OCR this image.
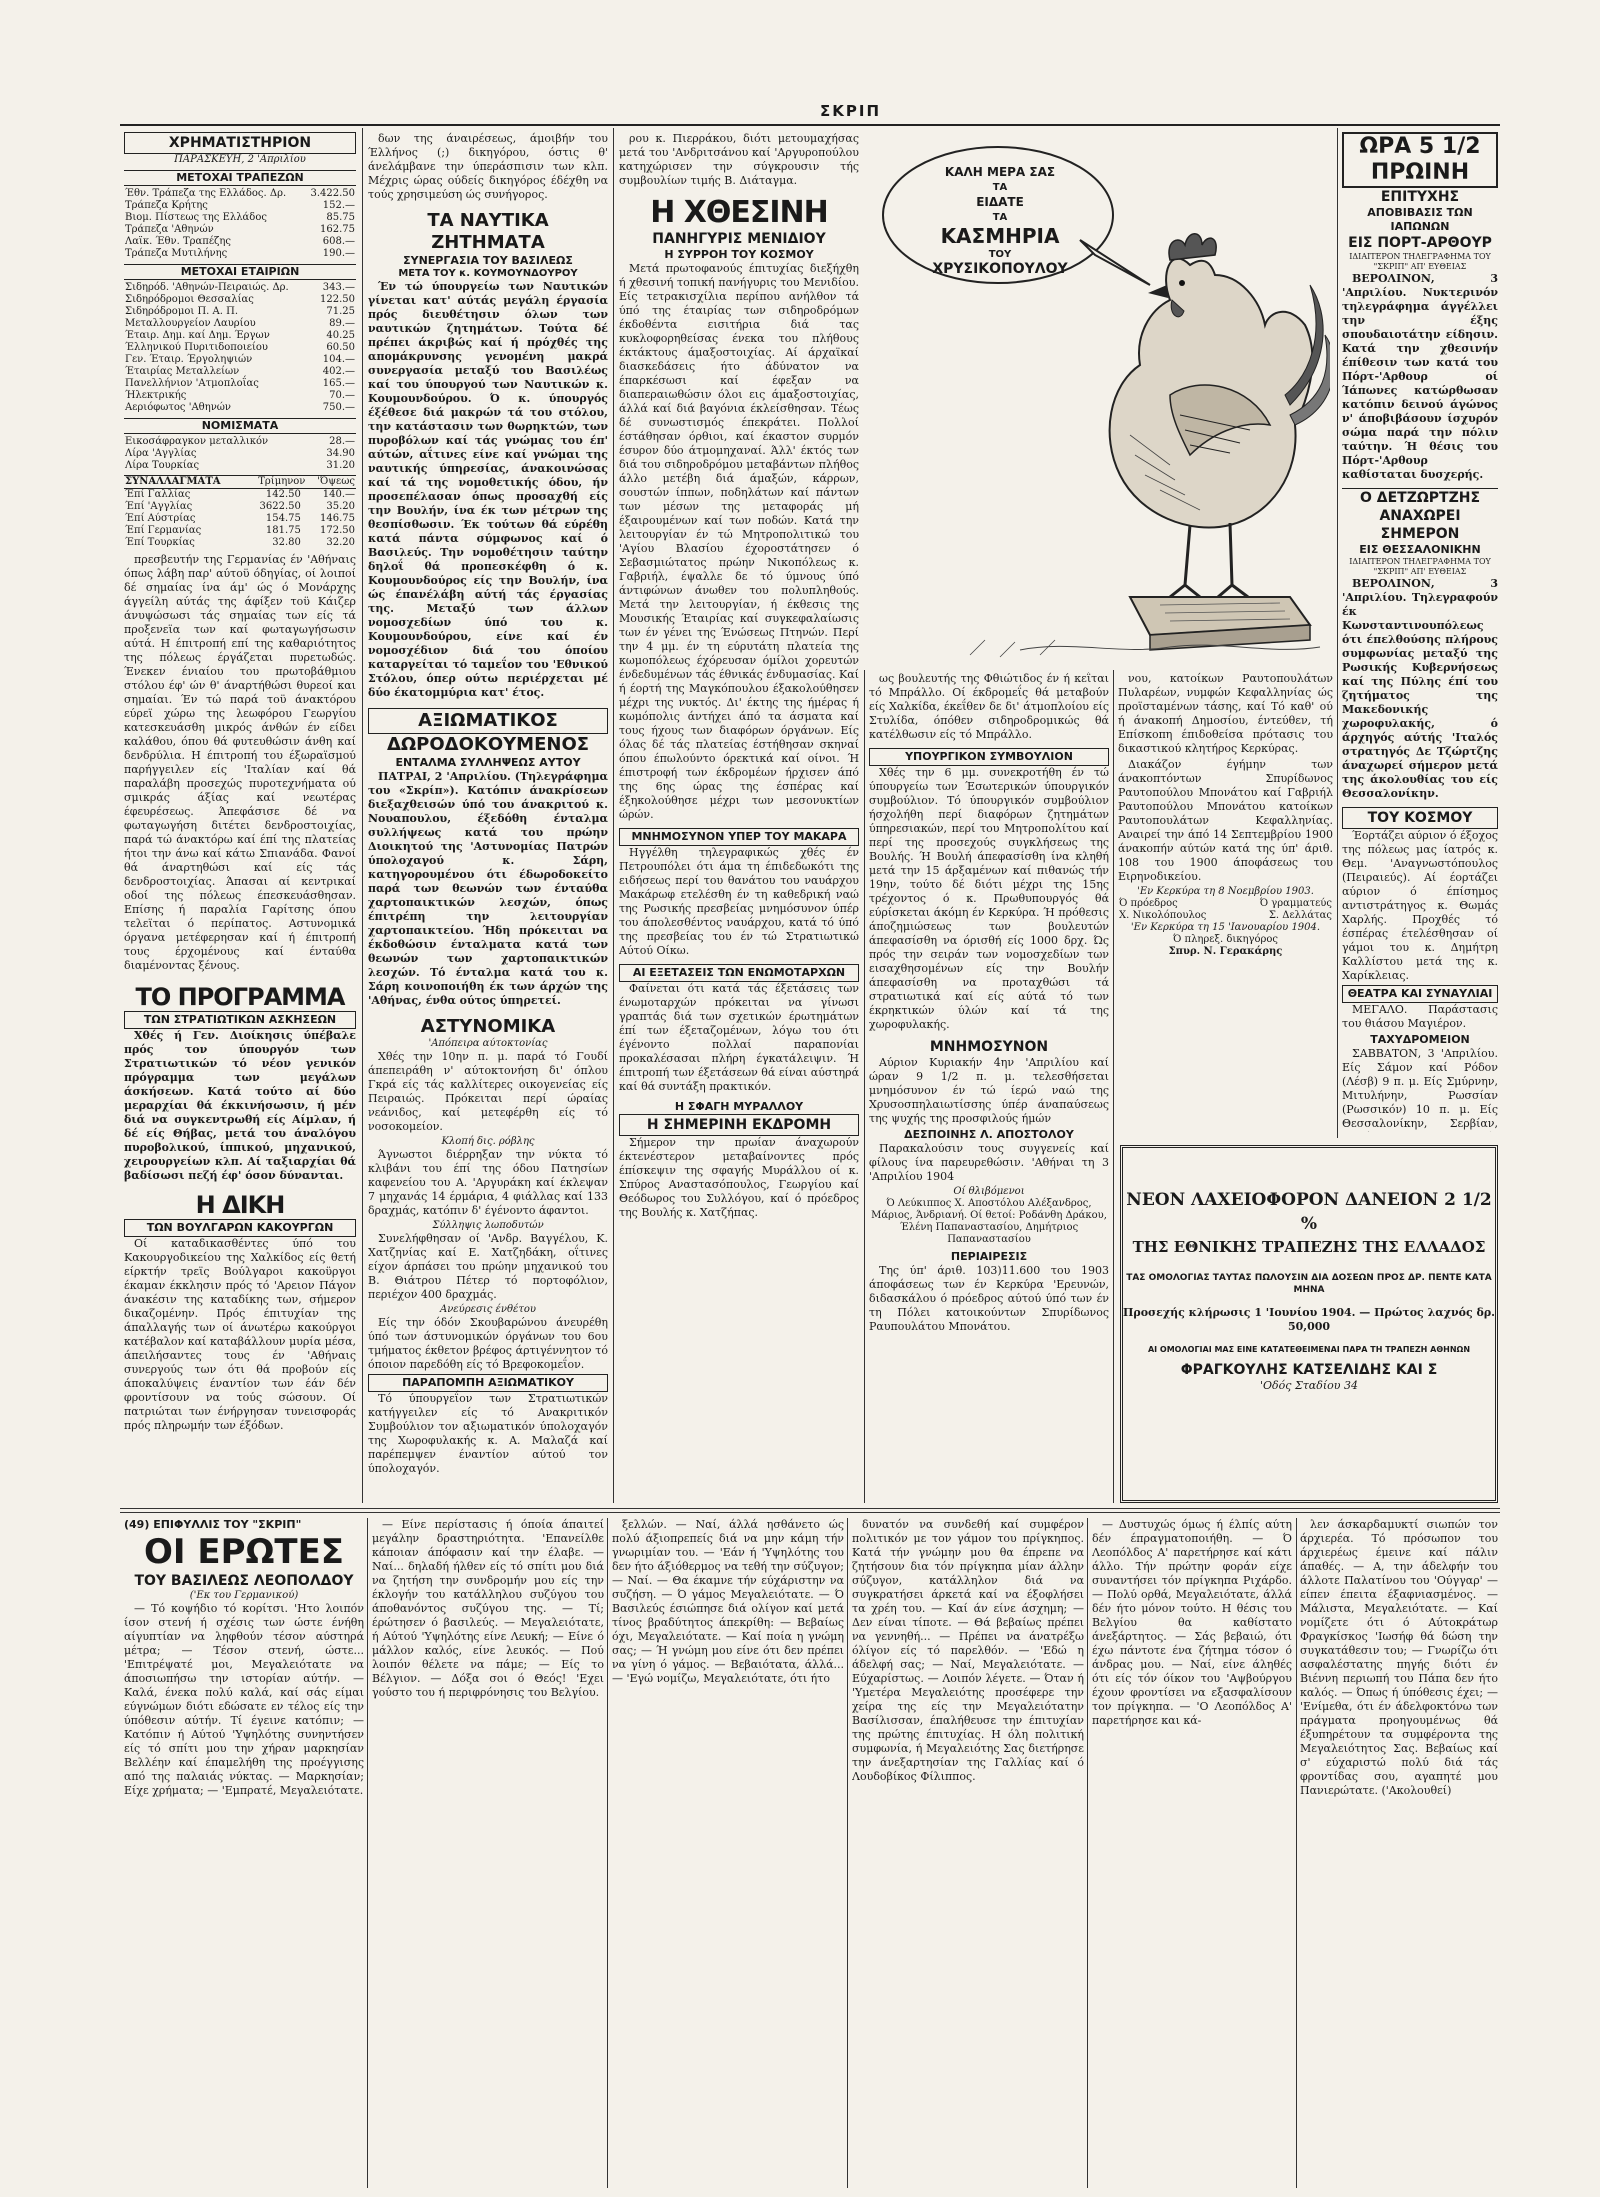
ΣΚΡΙΠ
ΧΡΗΜΑΤΙΣΤΗΡΙΟΝ
ΠΑΡΑΣΚΕΥΗ, 2 'Απριλίου
ΜΕΤΟΧΑΙ ΤΡΑΠΕΖΩΝ
Έθν. Τράπεζα της Ελλάδος. Δρ.	3.422.50
Τράπεζα Κρήτης	152.—
Βιομ. Πίστεως της Ελλάδος	85.75
Τράπεζα 'Αθηνών	162.75
Λαϊκ. Έθν. Τραπέζης	608.—
Τράπεζα Μυτιλήνης	190.—
ΜΕΤΟΧΑΙ ΕΤΑΙΡΙΩΝ
Σιδηρόδ. 'Αθηνών-Πειραιώς. Δρ.	343.—
Σιδηρόδρομοι Θεσσαλίας	122.50
Σιδηρόδρομοι Π. Α. Π.	71.25
Μεταλλουργείον Λαυρίου	89.—
Έταιρ. Δημ. καί Δημ. Έργων	40.25
Έλληνικού Πυριτιδοποιείου	60.50
Γεν. Έταιρ. Έργοληψιών	104.—
Έταιρίας Μεταλλείων	402.—
Πανελλήνιον 'Ατμοπλοΐας	165.—
Ήλεκτρικής	70.—
Αεριόφωτος 'Αθηνών	750.—
ΝΟΜΙΣΜΑΤΑ
Εικοσάφραγκον μεταλλικόν	28.—
Λίρα 'Αγγλίας	34.90
Λίρα Τουρκίας	31.20
ΣΥΝΑΛΛΑΓΜΑΤΑ	Τρίμηνον	'Όψεως
Έπί Γαλλίας	142.50	140.—
Έπί 'Αγγλίας	3622.50	35.20
Έπί Αύστρίας	154.75	146.75
Έπί Γερμανίας	181.75	172.50
Έπί Τουρκίας	32.80	32.20

πρεσβευτήν της Γερμανίας έν 'Αθήναις όπως λάβη παρ' αύτοϋ όδηγίας, οί λοιποί δέ σημαίας ίνα άμ' ώς ό Μονάρχης άγγείλη αύτάς της άφίξεν τοϋ Κάιζερ άνυψώσωσι τάς σημαίας των είς τά προξενεϊα των καί φωταγωγήσωσιν αύτά. Η έπιτροπή επί της καθαριότητος της πόλεως έργάζεται πυρετωδώς. Ένεκεν ένιαίου του πρωτοβάθμιου στόλου έφ' ών θ' άναρτήθώσι θυρεοί και σημαίαι. Έν τώ παρά τοϋ άνακτόρου εύρεϊ χώρω της λεωφόρου Γεωργίου κατεσκευάσθη μικρός άνθών έν είδει καλάθου, όπου θά φυτευθώσιν άνθη καί δενδρύλια. Η έπιτροπή του έξωραϊσμού παρήγγειλεν είς 'Ιταλίαν καί θά παραλάβη προσεχώς πυροτεχνήματα ού σμικράς άξίας καί νεωτέρας έφευρέσεως. Άπεφάσισε δέ να φωταγωγήση διτέτει δενδροστοιχίας, παρά τώ άνακτόρω καί έπί της πλατείας ήτοι την άνω καί κάτω Σπιανάδα. Φανοί θά άναρτηθώσι καί είς τάς δενδροστοιχίας. Άπασαι αί κεντρικαί οδοί της πόλεως έπεσκευάσθησαν. Επίσης ή παραλία Γαρίτσης όπου τελεϊται ό περίπατος. Αστυνομικά όργανα μετέφερησαν καί ή έπιτροπή τους έρχομένους καί ένταύθα διαμένοντας ξένους.

ΤΟ ΠΡΟΓΡΑΜΜΑ
ΤΩΝ ΣΤΡΑΤΙΩΤΙΚΩΝ ΑΣΚΗΣΕΩΝ

Χθές ή Γεν. Διοίκησις ύπέβαλε πρός τον ύπουργόν των Στρατιωτικών τό νέον γενικόν πρόγραμμα των μεγάλων άσκήσεων. Κατά τούτο αί δύο μεραρχίαι θά έκκινήσωσιν, ή μέν διά να συγκεντρωθή είς Αίμλαν, ή δέ είς Θήβας, μετά του άναλόγου πυροβολικού, ίππικού, μηχανικού, χειρουργείων κλπ. Αί ταξιαρχίαι θά βαδίσωσι πεζή έφ' όσον δύνανται.

Η ΔΙΚΗ
ΤΩΝ ΒΟΥΛΓΑΡΩΝ ΚΑΚΟΥΡΓΩΝ

Οί καταδικασθέντες ύπό του Κακουργοδικείου της Χαλκίδος είς θετή είρκτήν τρεϊς Βούλγαροι κακοϋργοι έκαμαν έκκλησιν πρός τό 'Αρειον Πάγον άνακέσιν της καταδίκης των, σήμερον δικαζομένην. Πρός έπιτυχίαν της άπαλλαγής των οί άνωτέρω κακούργοι κατέβαλον καί καταβάλλουν μυρία μέσα, άπειλήσαντες τους έν 'Αθήναις συνεργούς των ότι θά προβούν είς άποκαλύψεις έναντίον των έάν δέν φροντίσουν να τούς σώσουν. Οί πατριώται των ένήργησαν τυνεισφοράς πρός πληρωμήν των έξόδων.

δων της άναιρέσεως, άμοιβήν του Έλλήνος (;) δικηγόρου, όστις θ' άνελάμβανε την ύπεράσπισιν των κλπ. Μέχρις ώρας ούδείς δικηγόρος έδέχθη να τούς χρησιμεύση ώς συνήγορος.

ΤΑ ΝΑΥΤΙΚΑ ΖΗΤΗΜΑΤΑ
ΣΥΝΕΡΓΑΣΙΑ ΤΟΥ ΒΑΣΙΛΕΩΣ
ΜΕΤΑ ΤΟΥ κ. ΚΟΥΜΟΥΝΔΟΥΡΟΥ

Έν τώ ύπουργείω των Ναυτικών γίνεται κατ' αύτάς μεγάλη έργασία πρός διευθέτησιν όλων των ναυτικών ζητημάτων. Τούτα δέ πρέπει άκριβώς καί ή πρόχθές της απομάκρυνσης γενομένη μακρά συνεργασία μεταξύ του Βασιλέως καί του ύπουργού των Ναυτικών κ. Κουμουνδούρου. Ό κ. ύπουργός έξέθεσε διά μακρών τά του στόλου, την κατάστασιν των θωρηκτών, των πυροβόλων καί τάς γνώμας του έπ' αύτών, αΐτινες είνε καί γνώμαι της ναυτικής ύπηρεσίας, άνακοινώσας καί τά της νομοθετικής όδου, ήν προσεπέλασαν όπως προσαχθή είς την Βουλήν, ίνα έκ των μέτρων της θεσπίσθωσιν. Έκ τούτων θά εύρέθη κατά πάντα σύμφωνος καί ό Βασιλεύς. Την νομοθέτησιν ταύτην δηλοΐ θά προπεσκέφθη ό κ. Κουμουνδούρος είς την Βουλήν, ίνα ώς έπανέλάβη αύτή τάς έργασίας της. Μεταξύ των άλλων νομοσχεδίων ύπό του κ. Κουμουνδούρου, είνε καί έν νομοσχέδιον διά του όποίου καταργείται τό ταμεΐον του 'Εθνικού Στόλου, όπερ ούτω περιέρχεται μέ δύο έκατομμύρια κατ' έτος.

ΑΞΙΩΜΑΤΙΚΟΣ
ΔΩΡΟΔΟΚΟΥΜΕΝΟΣ
ΕΝΤΑΛΜΑ ΣΥΛΛΗΨΕΩΣ ΑΥΤΟΥ

ΠΑΤΡΑΙ, 2 'Απριλίου. (Τηλεγράφημα του «Σκρίπ»). Κατόπιν άνακρίσεων διεξαχθεισών ύπό του άνακριτού κ. Νουαπουλου, έξεδόθη ένταλμα συλλήψεως κατά του πρώην Διοικητού της 'Αστυνομίας Πατρών ύπολοχαγού κ. Σάρη, κατηγορουμένου ότι έδωροδοκείτο παρά των θεωνών των ένταύθα χαρτοπαικτικών λεσχών, όπως έπιτρέπη την λειτουργίαν χαρτοπαικτείου. Ήδη πρόκειται να έκδοθώσιν ένταλματα κατά των θεωνών των χαρτοπαικτικών λεσχών. Τό ένταλμα κατά του κ. Σάρη κοινοποιήθη έκ των άρχών της 'Αθήνας, ένθα ούτος ύπηρετεί.

ΑΣΤΥΝΟΜΙΚΑ
'Απόπειρα αύτοκτονίας

Χθές την 10ην π. μ. παρά τό Γουδί άπεπειράθη ν' αύτοκτονήση δι' όπλου Γκρά είς τάς καλλίτερες οικογενείας είς Πειραιώς. Πρόκειται περί ώραίας νεάνιδος, καί μετεφέρθη είς τό νοσοκομείον.

Κλοπή δις. ρόβλης

Άγνωστοι διέρρηξαν την νύκτα τό κλιβάνι του έπί της όδου Πατησίων καφενείου του Α. 'Αργυράκη καί έκλεψαν 7 μηχανάς 14 έρμάρια, 4 φιάλλας καί 133 δραχμάς, κατόπιν δ' έγένοντο άφαντοι.

Σύλληψις λωποδυτών

Συνελήφθησαν οί 'Ανδρ. Βαγγέλου, Κ. Χατζηνίας καί Ε. Χατζηδάκη, οΐτινες είχον άρπάσει του πρώην μηχανικού του Β. Θιάτρου Πέτερ τό πορτοφόλιον, περιέχον 400 δραχμάς.

Ανεύρεσις ένθέτου

Είς την όδόν Σκουβαρώνου άνευρέθη ύπό των άστυνομικών όργάνων του 6ου τμήματος έκθετον βρέφος άρτιγέννητον τό όποιον παρεδόθη είς τό Βρεφοκομεΐον.

ΠΑΡΑΠΟΜΠΗ ΑΞΙΩΜΑΤΙΚΟΥ

Τό ύπουργεΐον των Στρατιωτικών κατήγγειλεν είς τό Ανακριτικόν Συμβούλιον τον αξιωματικόν ύπολοχαγόν της Χωροφυλακής κ. Α. Μαλαζά καί παρέπεμψεν έναντίον αύτού τον ύπολοχαγόν.

ρου κ. Πιερράκου, διότι μετουμαχήσας μετά του 'Ανδριτσάνου καί 'Αργυροπούλου κατηχώρισεν την σύγκρουσιν τής συμβουλίων τιμής Β. Διάταγμα.

Η ΧΘΕΣΙΝΗ
ΠΑΝΗΓΥΡΙΣ ΜΕΝΙΔΙΟΥ
Η ΣΥΡΡΟΗ ΤΟΥ ΚΟΣΜΟΥ

Μετά πρωτοφανούς έπιτυχίας διεξήχθη ή χθεσινή τοπική πανήγυρις του Μενιδίου. Είς τετρακισχίλια περίπου ανήλθον τά ύπό της έταιρίας των σιδηροδρόμων έκδοθέντα εισιτήρια διά τας κυκλοφορηθείσας ένεκα του πλήθους έκτάκτους άμαξοστοιχίας. Αί άρχαϊκαί διασκεδάσεις ήτο άδύνατον να έπαρκέσωσι καί έφεξαν να διαπεραιωθώσιν όλοι εις άμαξοστοιχίας, άλλά καί διά βαγόνια έκλείσθησαν. Τέως δέ συνωστισμός έπεκράτει. Πολλοί έστάθησαν όρθιοι, καί έκαστον συρμόν έσυρον δύο άτμομηχαναί. Άλλ' έκτός των διά του σιδηροδρόμου μεταβάντων πλήθος άλλο μετέβη διά άμαξών, κάρρων, σουστών ίππων, ποδηλάτων καί πάντων των μέσων της μεταφοράς μή έξαιρουμένων καί των ποδών. Κατά την λειτουργίαν έν τώ Μητροπολιτικώ του 'Αγίου Βλασίου έχοροστάτησεν ό Σεβασμιώτατος πρώην Νικοπόλεως κ. Γαβριήλ, έψαλλε δε τό ύμνους ύπό άντιφώνων άνωθεν του πολυπληθούς. Μετά την λειτουργίαν, ή έκθεσις της Μουσικής Έταιρίας καί συγκεφαλαίωσις των έν γένει της Ένώσεως Πτηνών. Περί την 4 μμ. έν τη εύρυτάτη πλατεία της κωμοπόλεως έχόρευσαν όμίλοι χορευτών ένδεδυμένων τάς έθνικάς ένδυμασίας. Καί ή έορτή της Μαγκόπουλου έξακολούθησεν μέχρι της νυκτός. Δι' έκτης της ήμέρας ή κωμόπολις άντήχει άπό τα άσματα καί τους ήχους των διαφόρων όργάνων. Είς όλας δέ τάς πλατείας έστήθησαν σκηναί όπου έπωλούντο όρεκτικά καί οίνοι. Ή έπιστροφή των έκδρομέων ήρχισεν άπό της 6ης ώρας της έσπέρας καί έξηκολούθησε μέχρι των μεσονυκτίων ώρών.

ΜΝΗΜΟΣΥΝΟΝ ΥΠΕΡ ΤΟΥ ΜΑΚΑΡΑ

Ηγγέλθη τηλεγραφικώς χθές έν Πετρουπόλει ότι άμα τη έπιδεδωκότι της ειδήσεως περί του θανάτου του ναυάρχου Μακάρωφ ετελέσθη έν τη καθεδρική ναώ της Ρωσικής πρεσβείας μνημόσυνον ύπέρ του άπολεσθέντος ναυάρχου, κατά τό ύπό της πρεσβείας του έν τώ Στρατιωτικώ Αύτού Οίκω.

ΑΙ ΕΞΕΤΑΣΕΙΣ ΤΩΝ ΕΝΩΜΟΤΑΡΧΩΝ

Φαίνεται ότι κατά τάς έξετάσεις των ένωμοταρχών πρόκειται να γίνωσι γραπτάς διά των σχετικών έρωτημάτων έπί των έξεταζομένων, λόγω του ότι έγένοντο πολλαί παραπονίαι προκαλέσασαι πλήρη έγκατάλειψιν. Ή έπιτροπή των έξετάσεων θά είναι αύστηρά καί θά συντάξη πρακτικόν.

Η ΣΦΑΓΗ ΜΥΡΑΛΛΟΥ
Η ΣΗΜΕΡΙΝΗ ΕΚΔΡΟΜΗ

Σήμερον την πρωίαν άναχωρούν έκτενέστερον μεταβαίνοντες πρός έπίσκεψιν της σφαγής Μυράλλου οί κ. Σπύρος Αναστασόπουλος, Γεωργίου καί Θεόδωρος του Συλλόγου, καί ό πρόεδρος της Βουλής κ. Χατζήπας.

ΚΑΛΗ ΜΕΡΑ ΣΑΣ
ΤΑ
ΕΙΔΑΤΕ
ΤΑ
ΚΑΣΜΗΡΙΑ
ΤΟΥ
ΧΡΥΣΙΚΟΠΟΥΛΟΥ

ως βουλευτής της Φθιώτιδος έν ή κεΐται τό Μπράλλο. Οί έκδρομεΐς θά μεταβούν είς Χαλκίδα, έκεΐθεν δε δι' άτμοπλοίου είς Στυλίδα, όπόθεν σιδηροδρομικώς θά κατέλθωσιν είς τό Μπράλλο.

ΥΠΟΥΡΓΙΚΟΝ ΣΥΜΒΟΥΛΙΟΝ

Χθές την 6 μμ. συνεκροτήθη έν τώ ύπουργείω των Έσωτερικών ύπουργικόν συμβούλιον. Τό ύπουργικόν συμβούλιον ήσχολήθη περί διαφόρων ζητημάτων ύπηρεσιακών, περί του Μητροπολίτου καί περί της προσεχούς συγκλήσεως της Βουλής. Ή Βουλή άπεφασίσθη ίνα κληθή μετά την 15 άρξαμένων καί πιθανώς τήν 19ην, τούτο δέ διότι μέχρι της 15ης τρέχοντος ό κ. Πρωθυπουργός θά εύρίσκεται άκόμη έν Κερκύρα. Ή πρόθεσις άποζημιώσεως των βουλευτών άπεφασίσθη να όρισθή είς 1000 δρχ. Ώς πρός την σειράν των νομοσχεδίων των εισαχθησομένων είς την Βουλήν άπεφασίσθη να προταχθώσι τά στρατιωτικά καί είς αύτά τό των έκρηκτικών ύλών καί τά της χωροφυλακής.

ΜΝΗΜΟΣΥΝΟΝ

Αύριον Κυριακήν 4ην 'Απριλίου καί ώραν 9 1/2 π. μ. τελεσθήσεται μνημόσυνον έν τώ ίερώ ναώ της Χρυσοσπηλαιωτίσσης ύπέρ άναπαύσεως της ψυχής της προσφιλούς ήμών

ΔΕΣΠΟΙΝΗΣ Λ. ΑΠΟΣΤΟΛΟΥ

Παρακαλούσιν τους συγγενείς καί φίλους ίνα παρευρεθώσιν. 'Αθήναι τη 3 'Απριλίου 1904

Οί θλιβόμενοι
Ό Λεύκιππος Χ. Αποστόλου Αλέξανδρος, Μάριος, Άνδριανή. Οί θετοί: Ροδάνθη Δράκου, Έλένη Παπαναστασίου, Δημήτριος Παπαναστασίου
ΠΕΡΙΑΙΡΕΣΙΣ

Της ύπ' άριθ. 103)11.600 του 1903 άποφάσεως των έν Κερκύρα 'Ερευνών, διδασκάλου ό πρόεδρος αύτού ύπό των έν τη Πόλει κατοικούντων Σπυρίδωνος Ραυπουλάτου Μπονάτου.

νου, κατοίκων Ραυτοπουλάτων Πυλαρέων, νυμφών Κεφαλληνίας ώς προϊσταμένων τάσης, καί Τό καθ' ού ή άνακοπή Δημοσίου, έντεύθεν, τή Επίσκοπη έπιδοθείσα πρότασις του δικαστικού κλητήρος Κερκύρας.

Διακάζον έγήμην των άνακοπτόντων Σπυρίδωνος Ραυτοπούλου Μπονάτου καί Γαβριήλ Ραυτοπούλου Μπονάτου κατοίκων Ραυτοπουλάτων Κεφαλληνίας. Αναιρεί την άπό 14 Σεπτεμβρίου 1900 άνακοπήν αύτών κατά της ύπ' άριθ. 108 του 1900 άποφάσεως του Ειρηνοδικείου.

'Εν Κερκύρα τη 8 Νοεμβρίου 1903.
Ό πρόεδρος	Ό γραμματεύς
Χ. Νικολόπουλος	Σ. Δελλάτας
'Εν Κερκύρα τη 15 'Ιανουαρίου 1904.
Ό πληρεξ. δικηγόρος
Σπυρ. Ν. Γερακάρης
ΩΡΑ 5 1/2 ΠΡΩΙΝΗ
ΕΠΙΤΥΧΗΣ
ΑΠΟΒΙΒΑΣΙΣ ΤΩΝ ΙΑΠΩΝΩΝ
ΕΙΣ ΠΟΡΤ-ΑΡΘΟΥΡ
ΙΔΙΑΙΤΕΡΟΝ ΤΗΛΕΓΡΑΦΗΜΑ ΤΟΥ "ΣΚΡΙΠ" ΑΠ' ΕΥΘΕΙΑΣ

ΒΕΡΟΛΙΝΟΝ, 3 'Απριλίου. Νυκτερινόν τηλεγράφημα άγγέλλει την έξης σπουδαιοτάτην είδησιν. Κατά την χθεσινήν έπίθεσιν των κατά του Πόρτ-'Αρθουρ οί Ίάπωνες κατώρθωσαν κατόπιν δεινού άγώνος ν' άποβιβάσουν ίσχυρόν σώμα παρά την πόλιν ταύτην. Ή θέσις του Πόρτ-'Αρθουρ καθίσταται δυσχερής.

Ο ΔΕΤΖΩΡΤΖΗΣ
ΑΝΑΧΩΡΕΙ ΣΗΜΕΡΟΝ
ΕΙΣ ΘΕΣΣΑΛΟΝΙΚΗΝ
ΙΔΙΑΙΤΕΡΟΝ ΤΗΛΕΓΡΑΦΗΜΑ ΤΟΥ "ΣΚΡΙΠ" ΑΠ' ΕΥΘΕΙΑΣ

ΒΕΡΟΛΙΝΟΝ, 3 'Απριλίου. Τηλεγραφούν έκ Κωνσταντινουπόλεως ότι έπελθούσης πλήρους συμφωνίας μεταξύ της Ρωσικής Κυβερνήσεως καί της Πύλης έπί του ζητήματος της Μακεδονικής χωροφυλακής, ό άρχηγός αύτής 'Ιταλός στρατηγός Δε Τζώρτζης άναχωρεί σήμερον μετά της άκολουθίας του είς Θεσσαλονίκην.

ΤΟΥ ΚΟΣΜΟΥ

Έορτάζει αύριον ό έξοχος της πόλεως μας ίατρός κ. Θεμ. 'Αναγνωστόπουλος (Πειραιεύς). Αί έορτάζει αύριον ό έπίσημος αντιστράτηγος κ. Θωμάς Χαρλής. Προχθές τό έσπέρας έτελέσθησαν οί γάμοι του κ. Δημήτρη Καλλίστου μετά της κ. Χαρίκλειας.

ΘΕΑΤΡΑ ΚΑΙ ΣΥΝΑΥΛΙΑΙ

ΜΕΓΑΛΟ. Παράστασις του θιάσου Μαγιέρον.

ΤΑΧΥΔΡΟΜΕΙΟΝ

ΣΑΒΒΑΤΟΝ, 3 'Απριλίου. Είς Σάμον καί Ρόδον (Λέσβ) 9 π. μ. Είς Σμύρνην, Μιτυλήνην, Ρωσσίαν (Ρωσσικόν) 10 π. μ. Είς Θεσσαλονίκην, Σερβίαν,

ΝΕΟΝ ΛΑΧΕΙΟΦΟΡΟΝ ΔΑΝΕΙΟΝ 2 1/2 %
ΤΗΣ ΕΘΝΙΚΗΣ ΤΡΑΠΕΖΗΣ ΤΗΣ ΕΛΛΑΔΟΣ
ΤΑΣ ΟΜΟΛΟΓΙΑΣ ΤΑΥΤΑΣ ΠΩΛΟΥΣΙΝ ΔΙΑ ΔΟΣΕΩΝ ΠΡΟΣ ΔΡ. ΠΕΝΤΕ ΚΑΤΑ ΜΗΝΑ
Προσεχής κλήρωσις 1 'Ιουνίου 1904. — Πρώτος λαχνός δρ. 50,000
ΑΙ ΟΜΟΛΟΓΙΑΙ ΜΑΣ ΕΙΝΕ ΚΑΤΑΤΕΘΕΙΜΕΝΑΙ ΠΑΡΑ ΤΗ ΤΡΑΠΕΖΗ ΑΘΗΝΩΝ
ΦΡΑΓΚΟΥΛΗΣ ΚΑΤΣΕΛΙΔΗΣ ΚΑΙ Σ
'Οδός Σταδίου 34
(49) ΕΠΙΦΥΛΛΙΣ ΤΟΥ "ΣΚΡΙΠ"
ΟΙ ΕΡΩΤΕΣ
ΤΟΥ ΒΑΣΙΛΕΩΣ ΛΕΟΠΟΛΔΟΥ
('Εκ του Γερμανικού)

— Τό κοψήδιο τό κορίτσι. 'Ητο λοιπόν ίσον στενή ή σχέσις των ώστε ένήθη αίγυπτίαν να ληφθούν τέσον αύστηρά μέτρα; — Τέσον στενή, ώστε... 'Επιτρέψατέ μοι, Μεγαλειότατε να άποσιωπήσω την ιστορίαν αύτήν. — Καλά, ένεκα πολύ καλά, καί σάς είμαι εύγνώμων διότι εδώσατε εν τέλος είς την ύπόθεσιν αύτήν. Τί έγεινε κατόπιν; — Κατόπιν ή Αύτού 'Υψηλότης συνηντήσεν είς τό σπίτι μου την χήραν μαρκησίαν Βελλέην καί έπαμελήθη της προέγγισης από της παλαιάς νύκτας. — Μαρκησίαν; Είχε χρήματα; — 'Εμπρατέ, Μεγαλειότατε.

— Είνε περίστασις ή όποία άπαιτεί μεγάλην δραστηριότητα. 'Επανείλθε κάποιαν άπόφασιν καί την έλαβε. — Ναί... δηλαδή ήλθεν είς τό σπίτι μου διά να ζητήση την συνδρομήν μου είς την έκλογήν του κατάλληλου συζύγου του άποθανόντος συζύγου της. — Τί; έρώτησεν ό βασιλεύς. — Μεγαλειότατε, ή Αύτού 'Υψηλότης είνε Λευκή; — Είνε ό μάλλον καλός, είνε λευκός. — Πού λοιπόν θέλετε να πάμε; — Είς το Βέλγιον. — Δόξα σοι ό Θεός! 'Εχει γούστο του ή περιφρόνησις του Βελγίου.

ξελλών. — Ναί, άλλά ησθάνετο ώς πολύ άξιοπρεπείς διά να μην κάμη τήν γνωριμίαν του. — 'Εάν ή 'Υψηλότης του δεν ήτο άξιόθερμος να τεθή την σύζυγον; — Ναί. — Θα έκαμνε τήν εύχάριστην να συζήση. — Ό γάμος Μεγαλειότατε. — Ό Βασιλεύς έσιώπησε διά ολίγον καί μετά τίνος βραδύτητος άπεκρίθη: — Βεβαίως όχι, Μεγαλειότατε. — Καί ποία η γνώμη σας; — Ή γνώμη μου είνε ότι δεν πρέπει να γίνη ό γάμος. — Βεβαιότατα, άλλά... — 'Εγώ νομίζω, Μεγαλειότατε, ότι ήτο

δυνατόν να συνδεθή καί συμφέρον πολιτικόν με τον γάμον του πρίγκηπος. Κατά τήν γνώμην μου θα έπρεπε να ζητήσουν δια τόν πρίγκηπα μίαν άλλην σύζυγον, κατάλληλον διά να συγκρατήσει άρκετά καί να έξοφλήσει τα χρέη του. — Καί άν είνε άσχημη; — Δεν είναι τίποτε. — Θά βεβαίως πρέπει να γεννηθή... — Πρέπει να άνατρέξω όλίγον είς τό παρελθόν. — 'Εδώ η άδελφή σας; — Ναί, Μεγαλειότατε. — Εύχαρίστως. — Λοιπόν λέγετε. — Όταν ή 'Υμετέρα Μεγαλειότης προσέφερε την χείρα της είς την Μεγαλειότατην Βασίλισσαν, έπαλήθευσε την έπιτυχίαν της πρώτης έπιτυχίας. Η όλη πολιτική συμφωνία, ή Μεγαλειότης Σας διετήρησε την άνεξαρτησίαν της Γαλλίας καί ό Λουδοβίκος Φίλιππος.

— Δυστυχώς όμως ή έλπίς αύτη δέν έπραγματοποιήθη. — Ό Λεοπόλδος Α' παρετήρησε καί κάτι άλλο. Τήν πρώτην φοράν είχε συναντήσει τόν πρίγκηπα Ριχάρδο. — Πολύ ορθά, Μεγαλειότατε, άλλά δέν ήτο μόνον τούτο. Η θέσις του Βελγίου θα καθίστατο άνεξάρτητος. — Σάς βεβαιώ, ότι έχω πάντοτε ένα ζήτημα τόσον ό άνδρας μου. — Ναί, είνε άληθές ότι είς τόν όίκον του 'Αψβούργου έχουν φροντίσει να εξασφαλίσουν τον πρίγκηπα. — 'Ο Λεοπόλδος Α' παρετήρησε και κά-

λεν άσκαρδαμυκτί σιωπών τον άρχιερέα. Τό πρόσωπον του άρχιερέως έμεινε καί πάλιν άπαθές. — Α, την άδελφήν του άλλοτε Παλατίνου του 'Ούγγαρ' — είπεν έπειτα έξαφνιασμένος. — Μάλιστα, Μεγαλειότατε. — Καί νομίζετε ότι ό Αύτοκράτωρ Φραγκίσκος 'Ιωσήφ θά δώση την συγκατάθεσιν του; — Γνωρίζω ότι ασφαλέστατης πηγής διότι έν Βιέννη περιωπή του Πάπα δεν ήτο καλός. — Όπως ή ύπόθεσις έχει; — 'Ενίμεθα, ότι έν άδελφοκτόνω των πράγματα προηγουμένως θά έξυπηρέτουν τα συμφέροντα της Μεγαλειότητος Σας. Βεβαίως καί σ' εύχαριστώ πολύ διά τάς φροντίδας σου, αγαπητέ μου Πανιερώτατε. ('Ακολουθεί)
